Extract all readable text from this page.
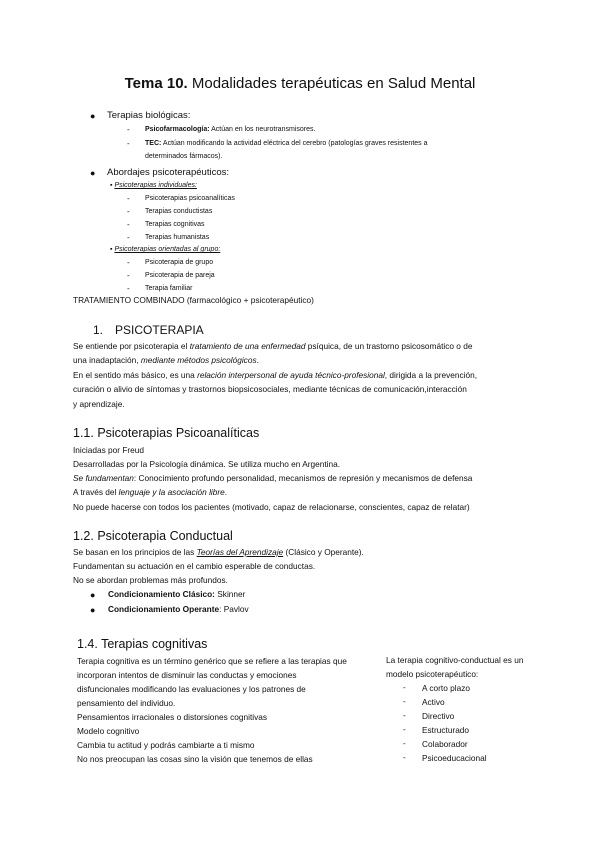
Tema 10. Modalidades terapéuticas en Salud Mental
● Terapias biológicas:
- Psicofarmacología: Actúan en los neurotransmisores.
- TEC: Actúan modificando la actividad eléctrica del cerebro (patologías graves resistentes a
determinados fármacos).
● Abordajes psicoterapéuticos:
▪ Psicoterapias individuales:
- Psicoterapias psicoanalíticas
- Terapias conductistas
- Terapias cognitivas
- Terapias humanistas
▪ Psicoterapias orientadas al grupo:
- Psicoterapia de grupo
- Psicoterapia de pareja
- Terapia familiar
TRATAMIENTO COMBINADO (farmacológico + psicoterapéutico)
1. PSICOTERAPIA
Se entiende por psicoterapia el tratamiento de una enfermedad psíquica, de un trastorno psicosomático o de
una inadaptación, mediante métodos psicológicos.
En el sentido más básico, es una relación interpersonal de ayuda técnico-profesional, dirigida a la prevención,
curación o alivio de síntomas y trastornos biopsicosociales, mediante técnicas de comunicación,interacción
y aprendizaje.
1.1. Psicoterapias Psicoanalíticas
Iniciadas por Freud
Desarrolladas por la Psicología dinámica. Se utiliza mucho en Argentina.
Se fundamentan: Conocimiento profundo personalidad, mecanismos de represión y mecanismos de defensa
A través del lenguaje y la asociación libre.
No puede hacerse con todos los pacientes (motivado, capaz de relacionarse, conscientes, capaz de relatar)
1.2. Psicoterapia Conductual
Se basan en los principios de las Teorías del Aprendizaje (Clásico y Operante).
Fundamentan su actuación en el cambio esperable de conductas.
No se abordan problemas más profundos.
● Condicionamiento Clásico: Skinner
● Condicionamiento Operante: Pavlov
1.4. Terapias cognitivas
Terapia cognitiva es un término genérico que se refiere a las terapias que
incorporan intentos de disminuir las conductas y emociones
disfuncionales modificando las evaluaciones y los patrones de
pensamiento del individuo.
Pensamientos irracionales o distorsiones cognitivas
Modelo cognitivo
Cambia tu actitud y podrás cambiarte a ti mismo
No nos preocupan las cosas sino la visión que tenemos de ellas
La terapia cognitivo-conductual es un
modelo psicoterapéutico:
- A corto plazo
- Activo
- Directivo
- Estructurado
- Colaborador
- Psicoeducacional
